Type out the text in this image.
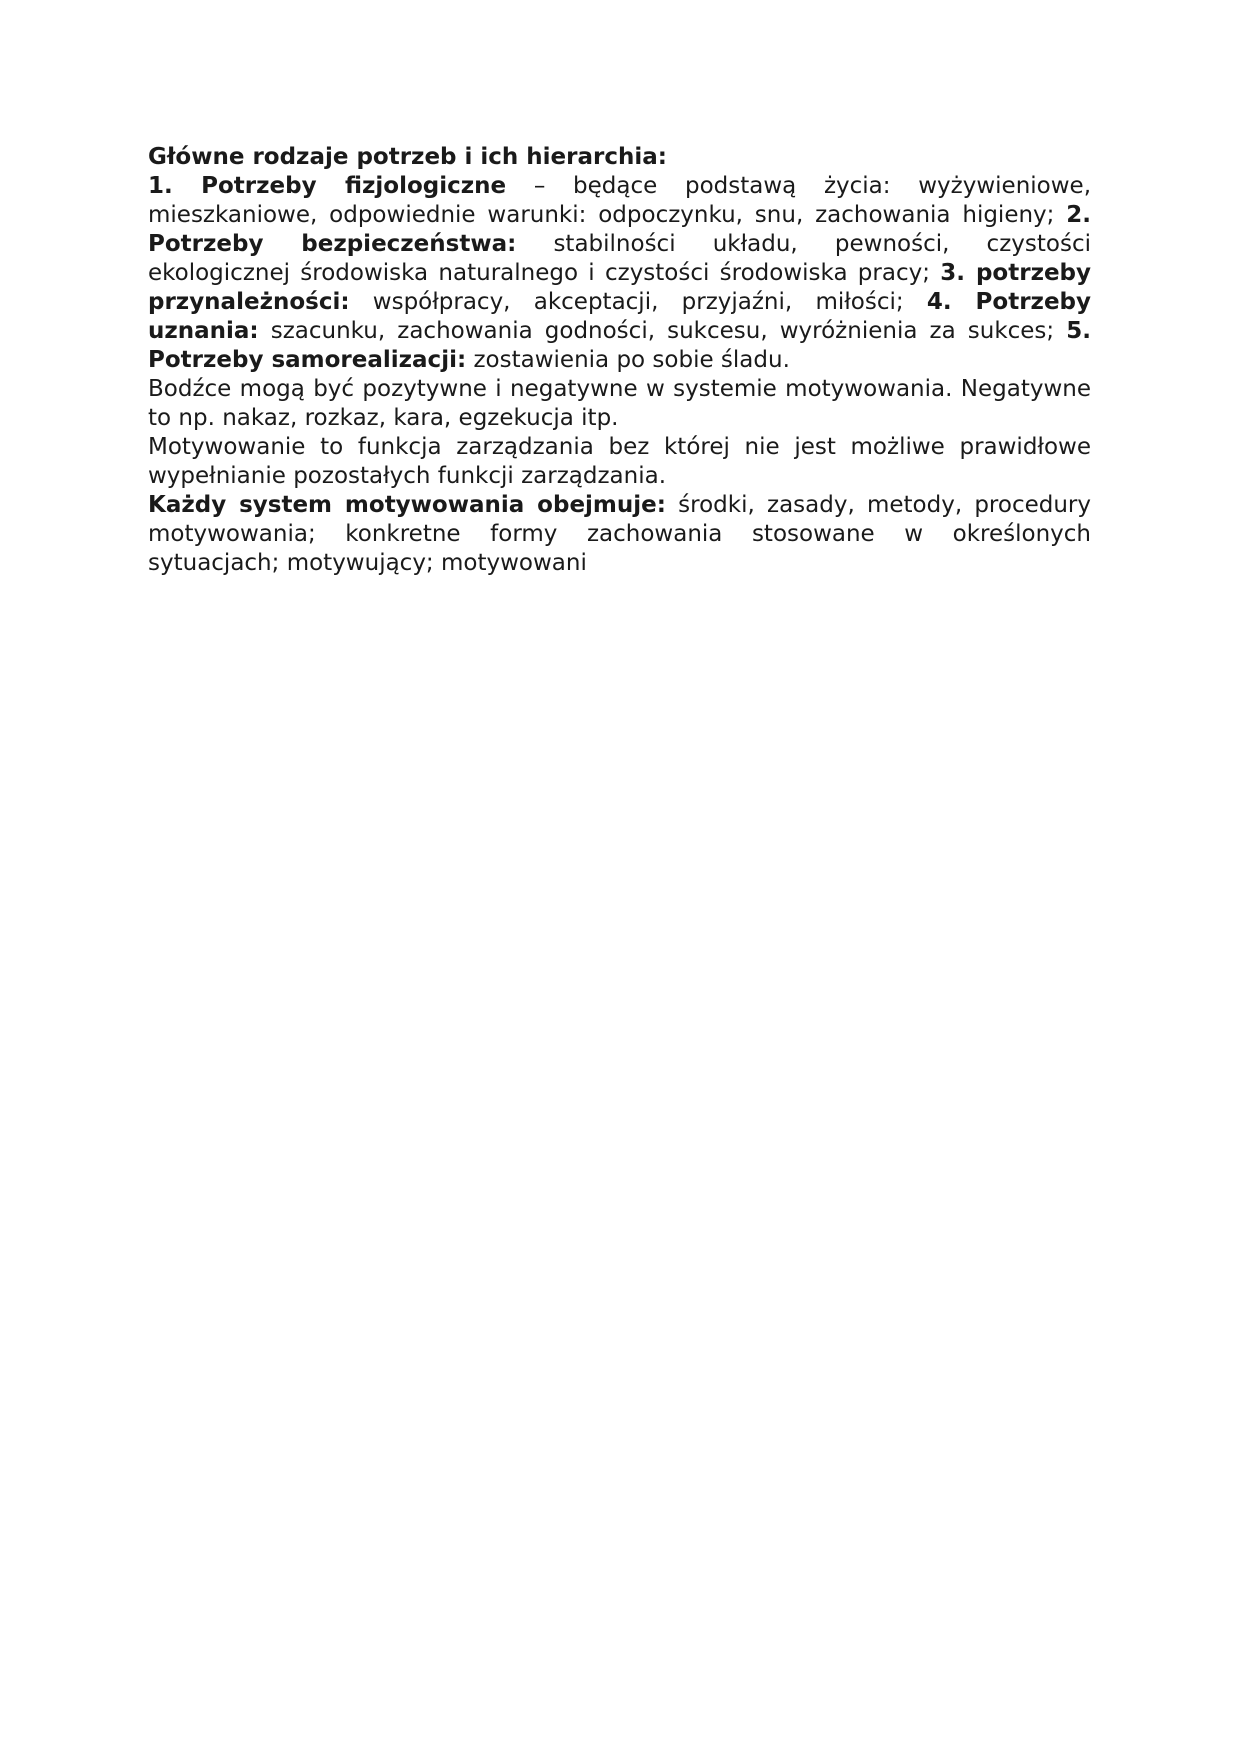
Główne rodzaje potrzeb i ich hierarchia:

1. Potrzeby fizjologiczne – będące podstawą życia: wyżywieniowe, mieszkaniowe, odpowiednie warunki: odpoczynku, snu, zachowania higieny; 2. Potrzeby bezpieczeństwa: stabilności układu, pewności, czystości ekologicznej środowiska naturalnego i czystości środowiska pracy; 3. potrzeby przynależności: współpracy, akceptacji, przyjaźni, miłości; 4. Potrzeby uznania: szacunku, zachowania godności, sukcesu, wyróżnienia za sukces; 5. Potrzeby samorealizacji: zostawienia po sobie śladu.

Bodźce mogą być pozytywne i negatywne w systemie motywowania. Negatywne to np. nakaz, rozkaz, kara, egzekucja itp.

Motywowanie to funkcja zarządzania bez której nie jest możliwe prawidłowe wypełnianie pozostałych funkcji zarządzania.

Każdy system motywowania obejmuje: środki, zasady, metody, procedury motywowania; konkretne formy zachowania stosowane w określonych sytuacjach; motywujący; motywowani
